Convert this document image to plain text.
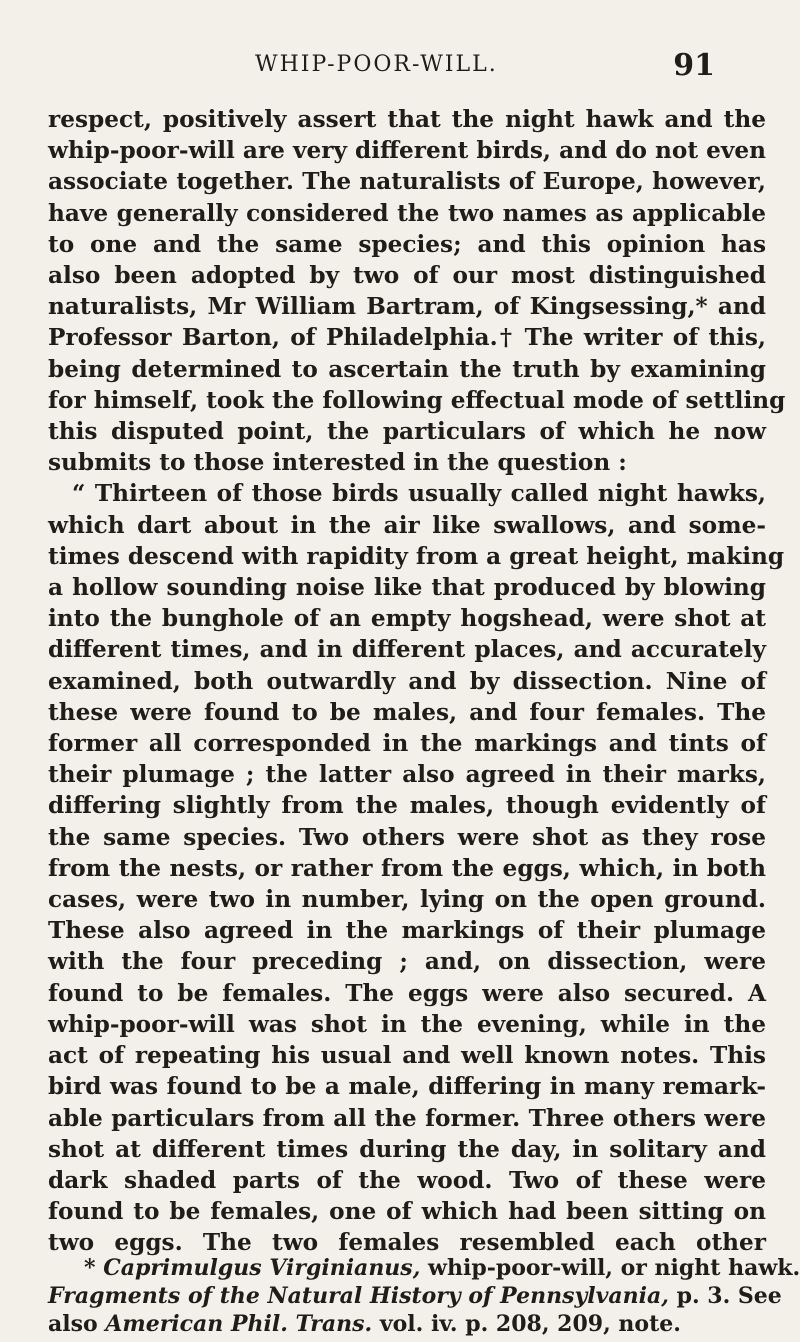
WHIP-POOR-WILL.	91
respect, positively assert that the night hawk and the
whip-poor-will are very different birds, and do not even
associate together. The naturalists of Europe, however,
have generally considered the two names as applicable
to one and the same species; and this opinion has
also been adopted by two of our most distinguished
naturalists, Mr William Bartram, of Kingsessing,* and
Professor Barton, of Philadelphia.† The writer of this,
being determined to ascertain the truth by examining
for himself, took the following effectual mode of settling
this disputed point, the particulars of which he now
submits to those interested in the question :
“ Thirteen of those birds usually called night hawks,
which dart about in the air like swallows, and some-
times descend with rapidity from a great height, making
a hollow sounding noise like that produced by blowing
into the bunghole of an empty hogshead, were shot at
different times, and in different places, and accurately
examined, both outwardly and by dissection. Nine of
these were found to be males, and four females. The
former all corresponded in the markings and tints of
their plumage ; the latter also agreed in their marks,
differing slightly from the males, though evidently of
the same species. Two others were shot as they rose
from the nests, or rather from the eggs, which, in both
cases, were two in number, lying on the open ground.
These also agreed in the markings of their plumage
with the four preceding ; and, on dissection, were
found to be females. The eggs were also secured. A
whip-poor-will was shot in the evening, while in the
act of repeating his usual and well known notes. This
bird was found to be a male, differing in many remark-
able particulars from all the former. Three others were
shot at different times during the day, in solitary and
dark shaded parts of the wood. Two of these were
found to be females, one of which had been sitting on
two eggs. The two females resembled each other
* Caprimulgus Virginianus, whip-poor-will, or night hawk.
Fragments of the Natural History of Pennsylvania, p. 3. See
also American Phil. Trans. vol. iv. p. 208, 209, note.
